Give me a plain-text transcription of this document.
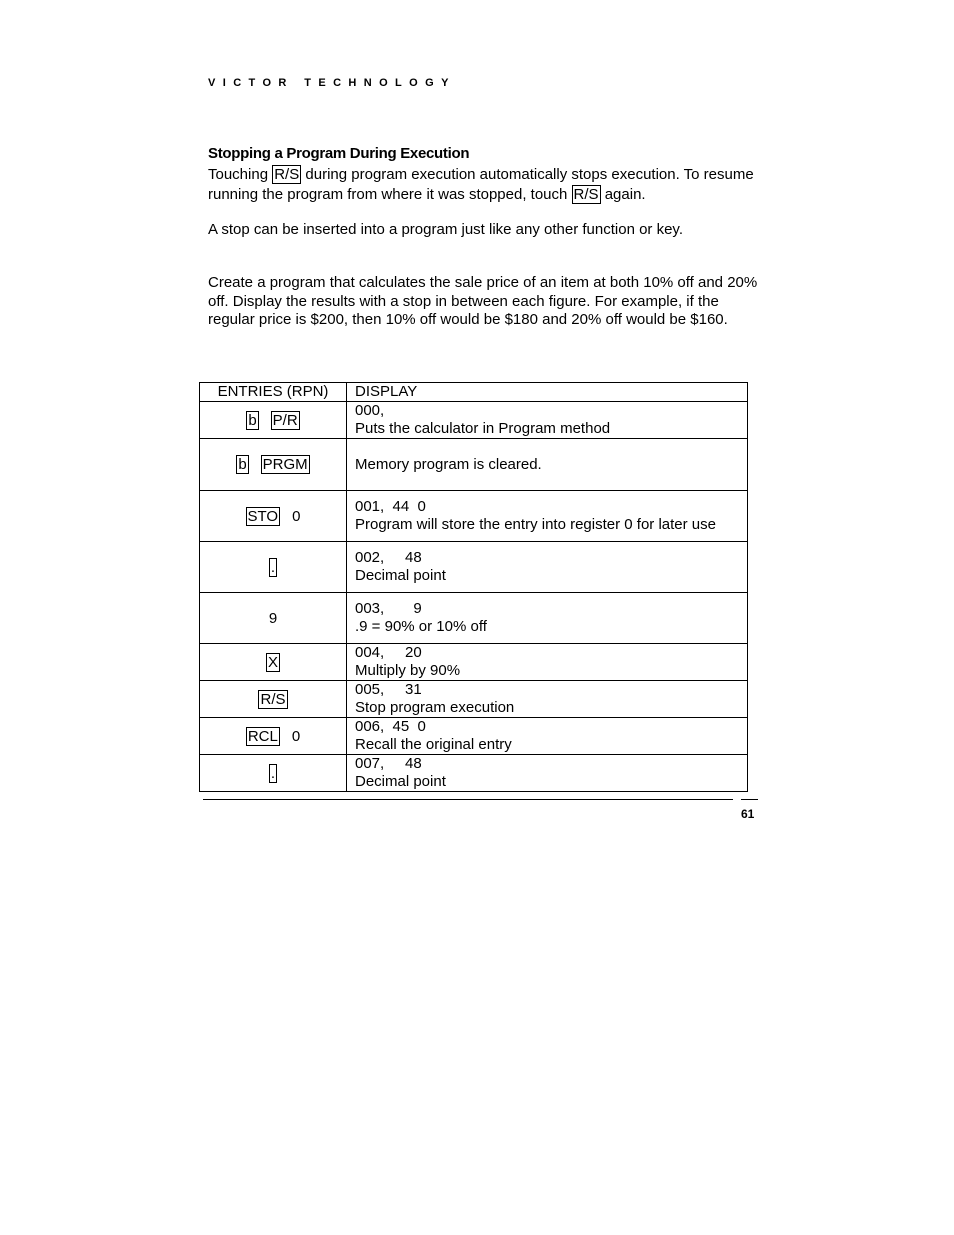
VICTOR TECHNOLOGY
Stopping a Program During Execution
Touching R/S during program execution automatically stops execution. To resume running the program from where it was stopped, touch R/S again.
A stop can be inserted into a program just like any other function or key.
Create a program that calculates the sale price of an item at both 10% off and 20% off. Display the results with a stop in between each figure. For example, if the regular price is $200, then 10% off would be $180 and 20% off would be $160.
ENTRIES (RPN)	DISPLAY
b P/R	000,
Puts the calculator in Program method

b PRGM	Memory program is cleared.

STO 0	001,  44  0
Program will store the entry into register 0 for later use

.	002,     48
Decimal point

9	003,       9
.9 = 90% or 10% off

X	004,     20
Multiply by 90%

R/S	005,     31
Stop program execution

RCL 0	006,  45  0
Recall the original entry

.	007,     48
Decimal point
61
